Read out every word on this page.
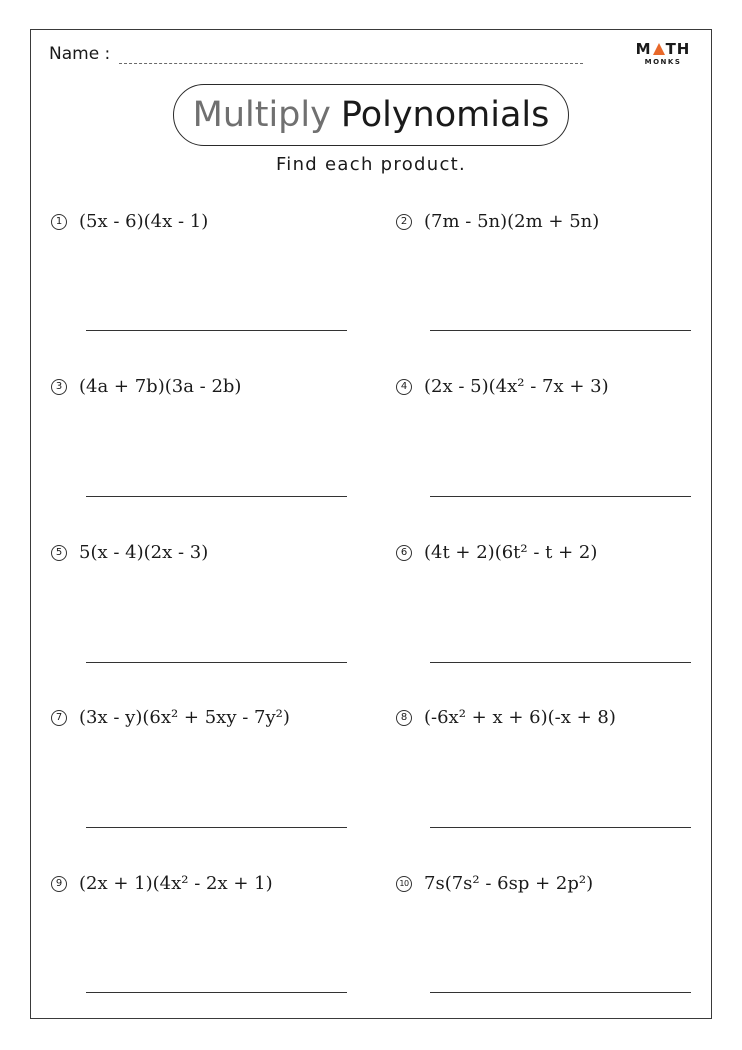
Name :	M TH
MONKS
Multiply Polynomials
Find each product.
1 (5x - 6)(4x - 1)	2 (7m - 5n)(2m + 5n)
3 (4a + 7b)(3a - 2b)	4 (2x - 5)(4x² - 7x + 3)
5 5(x - 4)(2x - 3)	6 (4t + 2)(6t² - t + 2)
7 (3x - y)(6x² + 5xy - 7y²)	8 (-6x² + x + 6)(-x + 8)
9 (2x + 1)(4x² - 2x + 1)	10 7s(7s² - 6sp + 2p²)
